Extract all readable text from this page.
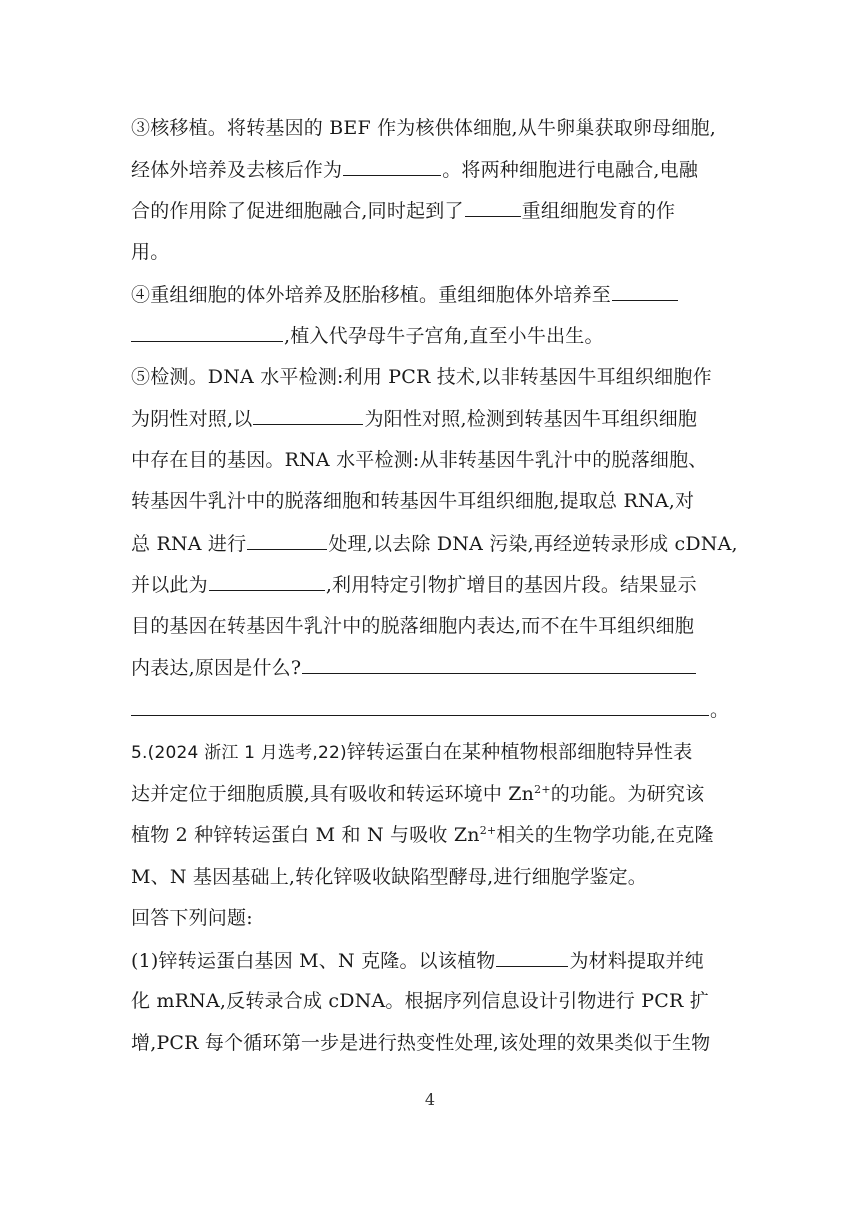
③核移植。将转基因的 BEF 作为核供体细胞,从牛卵巢获取卵母细胞,
经体外培养及去核后作为	。将两种细胞进行电融合,电融
合的作用除了促进细胞融合,同时起到了	重组细胞发育的作
用。
④重组细胞的体外培养及胚胎移植。重组细胞体外培养至
,植入代孕母牛子宫角,直至小牛出生。
⑤检测。DNA 水平检测:利用 PCR 技术,以非转基因牛耳组织细胞作
为阴性对照,以	为阳性对照,检测到转基因牛耳组织细胞
中存在目的基因。RNA 水平检测:从非转基因牛乳汁中的脱落细胞、
转基因牛乳汁中的脱落细胞和转基因牛耳组织细胞,提取总 RNA,对
总 RNA 进行	处理,以去除 DNA 污染,再经逆转录形成 cDNA,
并以此为	,利用特定引物扩增目的基因片段。结果显示
目的基因在转基因牛乳汁中的脱落细胞内表达,而不在牛耳组织细胞
内表达,原因是什么?
。
5.(2024 浙江 1 月选考,22)锌转运蛋白在某种植物根部细胞特异性表
达并定位于细胞质膜,具有吸收和转运环境中 $Zn^{2+}$的功能。为研究该
植物 2 种锌转运蛋白 M 和 N 与吸收 $Zn^{2+}$相关的生物学功能,在克隆
M、N 基因基础上,转化锌吸收缺陷型酵母,进行细胞学鉴定。
回答下列问题:
(1)锌转运蛋白基因 M、N 克隆。以该植物	为材料提取并纯
化 mRNA,反转录合成 cDNA。根据序列信息设计引物进行 PCR 扩
增,PCR 每个循环第一步是进行热变性处理,该处理的效果类似于生物
4
